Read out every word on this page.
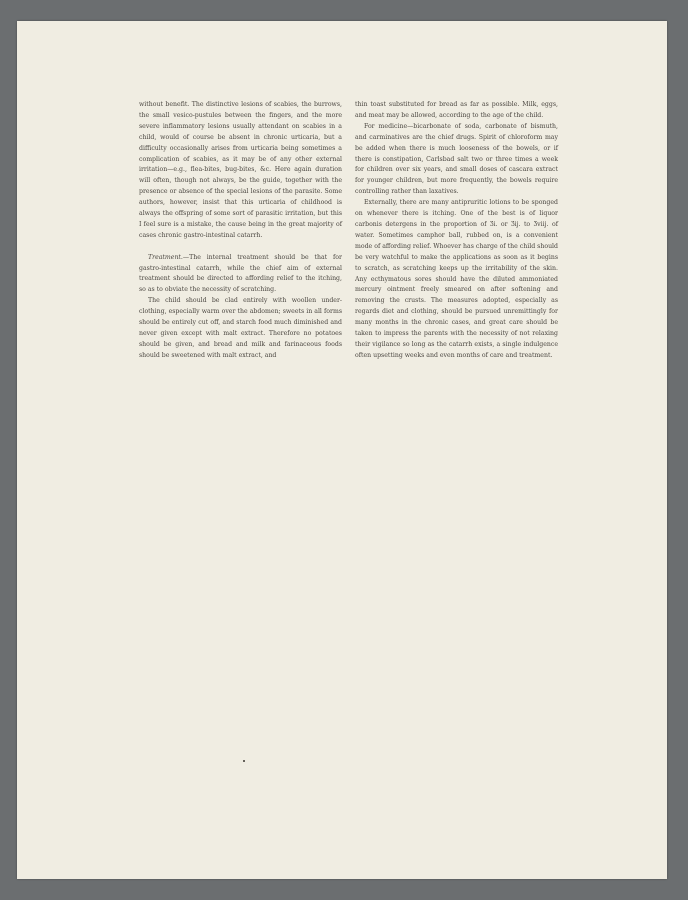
without benefit. The distinctive lesions of scabies, the burrows, the small vesico-pustules between the fingers, and the more severe inflammatory lesions usually attendant on scabies in a child, would of course be absent in chronic urticaria, but a difficulty occasionally arises from urticaria being sometimes a complication of scabies, as it may be of any other external irritation—e.g., flea-bites, bug-bites, &c. Here again duration will often, though not always, be the guide, together with the presence or absence of the special lesions of the parasite. Some authors, however, insist that this urticaria of childhood is always the offspring of some sort of parasitic irritation, but this I feel sure is a mistake, the cause being in the great majority of cases chronic gastro-intestinal catarrh.

Treatment.—The internal treatment should be that for gastro-intestinal catarrh, while the chief aim of external treatment should be directed to affording relief to the itching, so as to obviate the necessity of scratching.

The child should be clad entirely with woollen under-clothing, especially warm over the abdomen; sweets in all forms should be entirely cut off, and starch food much diminished and never given except with malt extract. Therefore no potatoes should be given, and bread and milk and farinaceous foods should be sweetened with malt extract, and

thin toast substituted for bread as far as possible. Milk, eggs, and meat may be allowed, according to the age of the child.

For medicine—bicarbonate of soda, carbonate of bismuth, and carminatives are the chief drugs. Spirit of chloroform may be added when there is much looseness of the bowels, or if there is constipation, Carlsbad salt two or three times a week for children over six years, and small doses of cascara extract for younger children, but more frequently, the bowels require controlling rather than laxatives.

Externally, there are many antipruritic lotions to be sponged on whenever there is itching. One of the best is of liquor carbonis detergens in the proportion of Ʒi. or Ʒij. to Ʒviij. of water. Sometimes camphor ball, rubbed on, is a convenient mode of affording relief. Whoever has charge of the child should be very watchful to make the applications as soon as it begins to scratch, as scratching keeps up the irritability of the skin. Any ecthymatous sores should have the diluted ammoniated mercury ointment freely smeared on after softening and removing the crusts. The measures adopted, especially as regards diet and clothing, should be pursued unremittingly for many months in the chronic cases, and great care should be taken to impress the parents with the necessity of not relaxing their vigilance so long as the catarrh exists, a single indulgence often upsetting weeks and even months of care and treatment.
